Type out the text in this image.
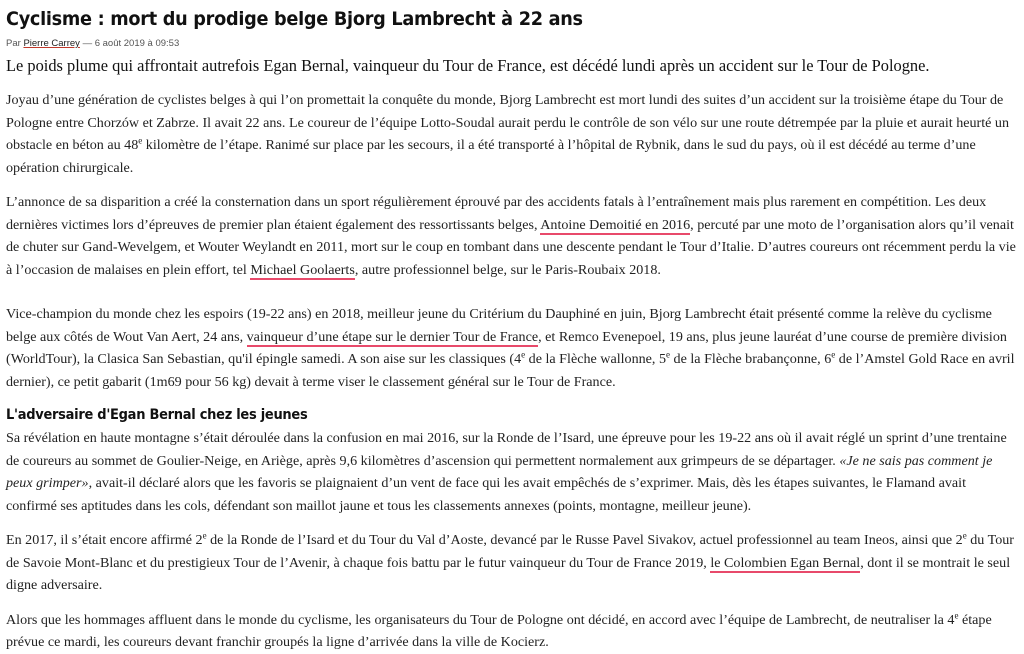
Cyclisme : mort du prodige belge Bjorg Lambrecht à 22 ans
Par Pierre Carrey — 6 août 2019 à 09:53

Le poids plume qui affrontait autrefois Egan Bernal, vainqueur du Tour de France, est décédé lundi après un accident sur le Tour de Pologne.

Joyau d’une génération de cyclistes belges à qui l’on promettait la conquête du monde, Bjorg Lambrecht est mort lundi des suites d’un accident sur la troisième étape du Tour de Pologne entre Chorzów et Zabrze. Il avait 22 ans. Le coureur de l’équipe Lotto-Soudal aurait perdu le contrôle de son vélo sur une route détrempée par la pluie et aurait heurté un obstacle en béton au 48e kilomètre de l’étape. Ranimé sur place par les secours, il a été transporté à l’hôpital de Rybnik, dans le sud du pays, où il est décédé au terme d’une opération chirurgicale.

L’annonce de sa disparition a créé la consternation dans un sport régulièrement éprouvé par des accidents fatals à l’entraînement mais plus rarement en compétition. Les deux dernières victimes lors d’épreuves de premier plan étaient également des ressortissants belges, Antoine Demoitié en 2016, percuté par une moto de l’organisation alors qu’il venait de chuter sur Gand-Wevelgem, et Wouter Weylandt en 2011, mort sur le coup en tombant dans une descente pendant le Tour d’Italie. D’autres coureurs ont récemment perdu la vie à l’occasion de malaises en plein effort, tel Michael Goolaerts, autre professionnel belge, sur le Paris-Roubaix 2018.

Vice-champion du monde chez les espoirs (19-22 ans) en 2018, meilleur jeune du Critérium du Dauphiné en juin, Bjorg Lambrecht était présenté comme la relève du cyclisme belge aux côtés de Wout Van Aert, 24 ans, vainqueur d’une étape sur le dernier Tour de France, et Remco Evenepoel, 19 ans, plus jeune lauréat d’une course de première division (WorldTour), la Clasica San Sebastian, qu'il épingle samedi. A son aise sur les classiques (4e de la Flèche wallonne, 5e de la Flèche brabançonne, 6e de l’Amstel Gold Race en avril dernier), ce petit gabarit (1m69 pour 56 kg) devait à terme viser le classement général sur le Tour de France.

L'adversaire d'Egan Bernal chez les jeunes

Sa révélation en haute montagne s’était déroulée dans la confusion en mai 2016, sur la Ronde de l’Isard, une épreuve pour les 19-22 ans où il avait réglé un sprint d’une trentaine de coureurs au sommet de Goulier-Neige, en Ariège, après 9,6 kilomètres d’ascension qui permettent normalement aux grimpeurs de se départager. «Je ne sais pas comment je peux grimper», avait-il déclaré alors que les favoris se plaignaient d’un vent de face qui les avait empêchés de s’exprimer. Mais, dès les étapes suivantes, le Flamand avait confirmé ses aptitudes dans les cols, défendant son maillot jaune et tous les classements annexes (points, montagne, meilleur jeune).

En 2017, il s’était encore affirmé 2e de la Ronde de l’Isard et du Tour du Val d’Aoste, devancé par le Russe Pavel Sivakov, actuel professionnel au team Ineos, ainsi que 2e du Tour de Savoie Mont-Blanc et du prestigieux Tour de l’Avenir, à chaque fois battu par le futur vainqueur du Tour de France 2019, le Colombien Egan Bernal, dont il se montrait le seul digne adversaire.

Alors que les hommages affluent dans le monde du cyclisme, les organisateurs du Tour de Pologne ont décidé, en accord avec l’équipe de Lambrecht, de neutraliser la 4e étape prévue ce mardi, les coureurs devant franchir groupés la ligne d’arrivée dans la ville de Kocierz.
